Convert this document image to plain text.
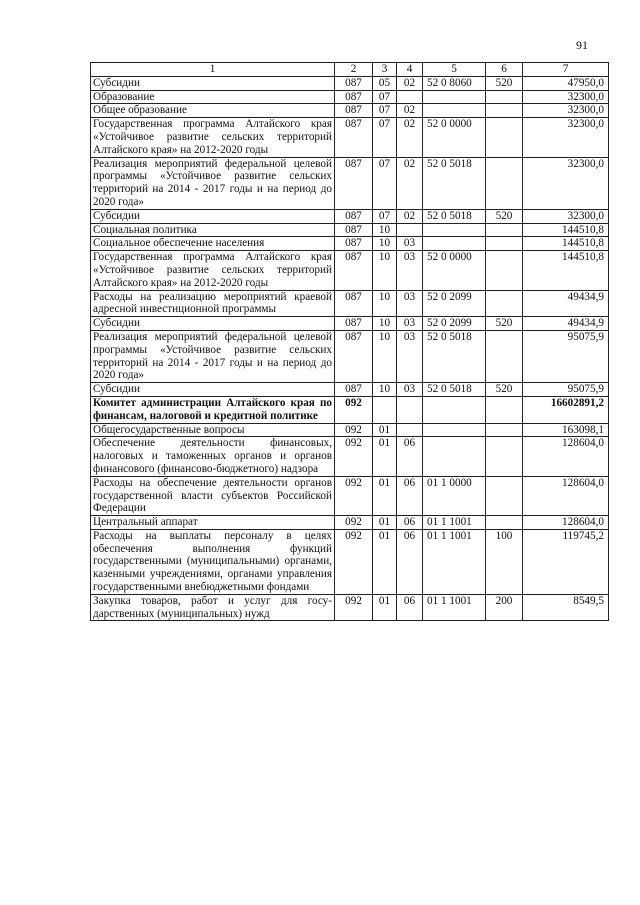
91
1	2	3	4	5	6	7
Субсидии	087	05	02	52 0 8060	520	47950,0
Образование	087	07				32300,0
Общее образование	087	07	02			32300,0
Государственная программа Алтайского края «Устойчивое развитие сельских территорий Алтайского края» на 2012-2020 годы	087	07	02	52 0 0000		32300,0
Реализация мероприятий федеральной целевой программы «Устойчивое развитие сельских территорий на 2014 - 2017 годы и на период до 2020 года»	087	07	02	52 0 5018		32300,0
Субсидии	087	07	02	52 0 5018	520	32300,0
Социальная политика	087	10				144510,8
Социальное обеспечение населения	087	10	03			144510,8
Государственная программа Алтайского края «Устойчивое развитие сельских территорий Алтайского края» на 2012-2020 годы	087	10	03	52 0 0000		144510,8
Расходы на реализацию мероприятий краевой адресной инвестиционной программы	087	10	03	52 0 2099		49434,9
Субсидии	087	10	03	52 0 2099	520	49434,9
Реализация мероприятий федеральной целевой программы «Устойчивое развитие сельских территорий на 2014 - 2017 годы и на период до 2020 года»	087	10	03	52 0 5018		95075,9
Субсидии	087	10	03	52 0 5018	520	95075,9
Комитет администрации Алтайского края по финансам, налоговой и кредитной политике	092					16602891,2
Общегосударственные вопросы	092	01				163098,1
Обеспечение деятельности финансовых, налоговых и таможенных органов и органов финансового (финансово-бюджетного) надзора	092	01	06			128604,0
Расходы на обеспечение деятельности органов государственной власти субъектов Российской Федерации	092	01	06	01 1 0000		128604,0
Центральный аппарат	092	01	06	01 1 1001		128604,0
Расходы на выплаты персоналу в целях обеспечения выполнения функций государственными (муниципальными) органами, казенными учреждениями, органами управления государственными внебюджетными фондами	092	01	06	01 1 1001	100	119745,2
Закупка товаров, работ и услуг для государственных (муниципальных) нужд	092	01	06	01 1 1001	200	8549,5
